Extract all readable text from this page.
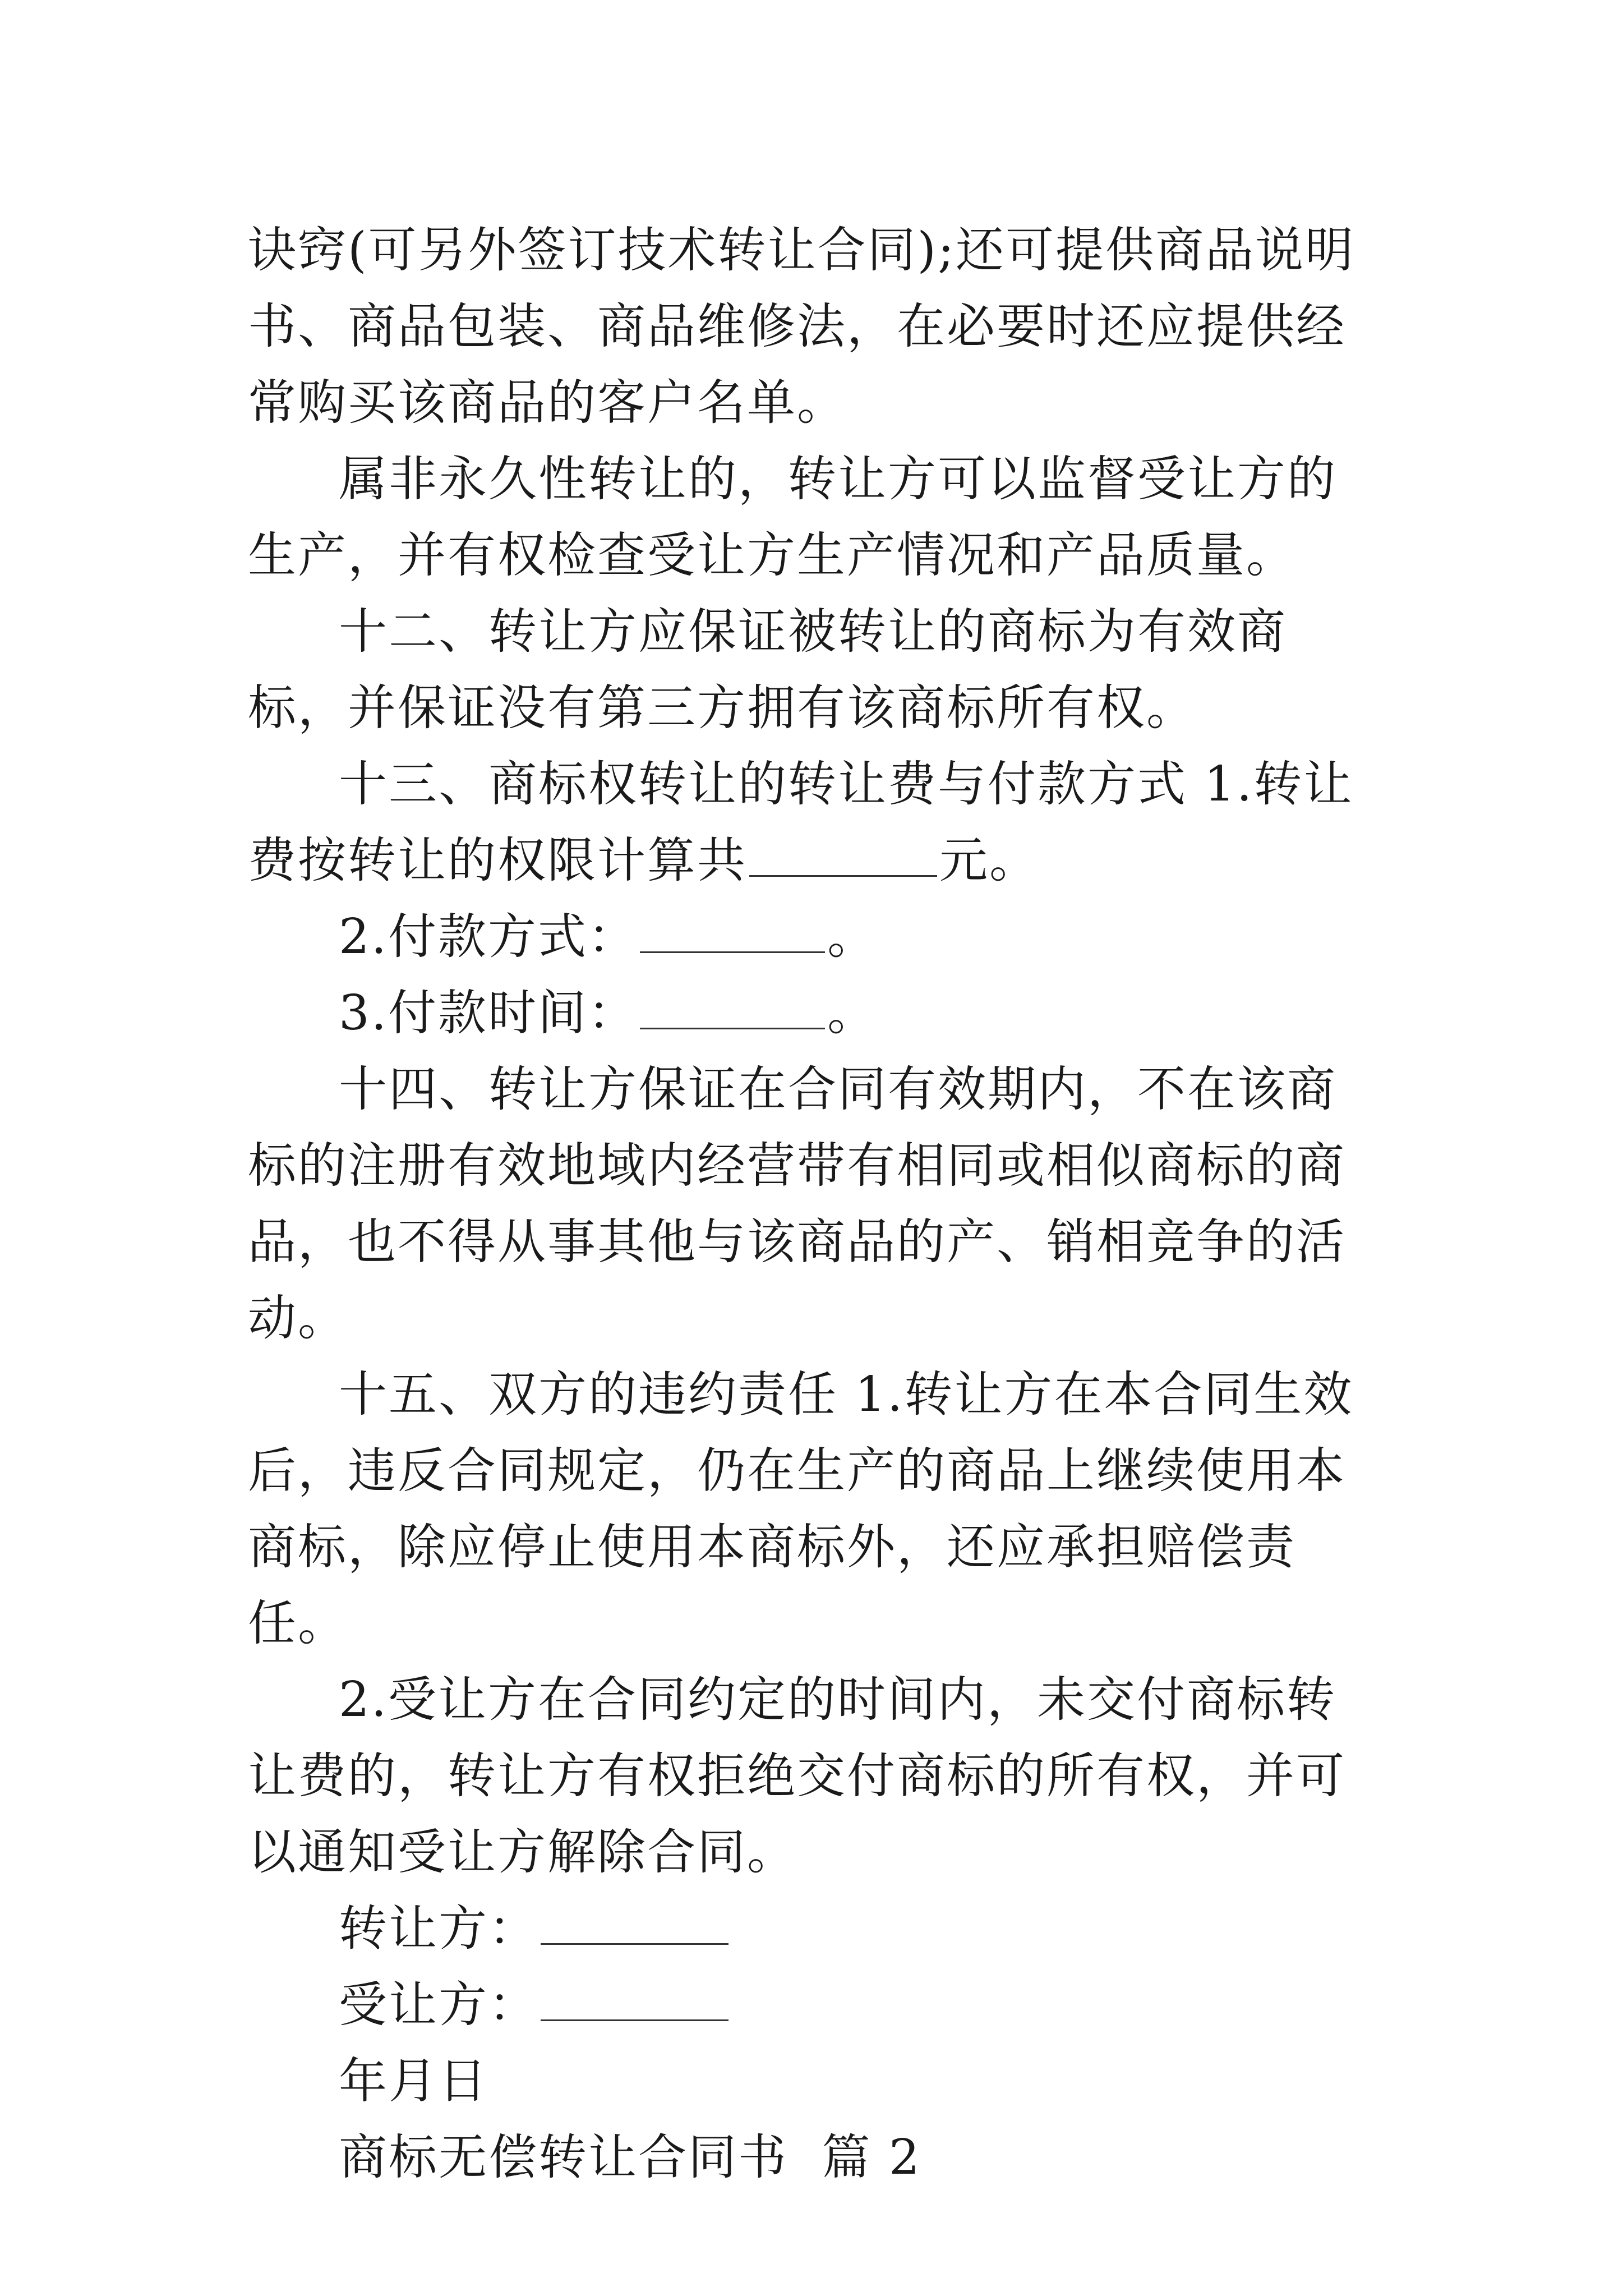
诀窍(可另外签订技术转让合同);还可提供商品说明书、商品包装、商品维修法，在必要时还应提供经常购买该商品的客户名单。

属非永久性转让的，转让方可以监督受让方的生产，并有权检查受让方生产情况和产品质量。

十二、转让方应保证被转让的商标为有效商标，并保证没有第三方拥有该商标所有权。

十三、商标权转让的转让费与付款方式 1.转让费按转让的权限计算共	元。

2.付款方式：	。

3.付款时间：	。

十四、转让方保证在合同有效期内，不在该商标的注册有效地域内经营带有相同或相似商标的商品，也不得从事其他与该商品的产、销相竞争的活动。

十五、双方的违约责任 1.转让方在本合同生效后，违反合同规定，仍在生产的商品上继续使用本商标，除应停止使用本商标外，还应承担赔偿责任。

2.受让方在合同约定的时间内，未交付商标转让费的，转让方有权拒绝交付商标的所有权，并可以通知受让方解除合同。

转让方：

受让方：

年月日

商标无偿转让合同书  篇 2
